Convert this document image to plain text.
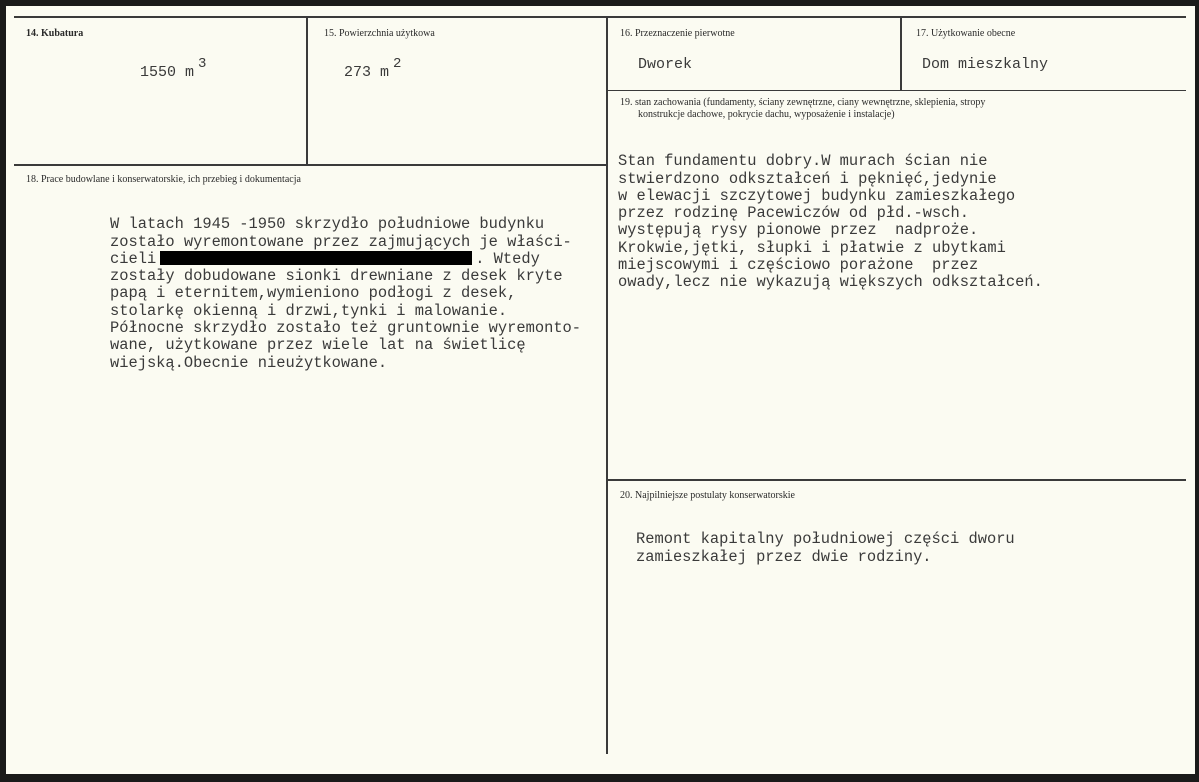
14. Kubatura
1550 m $^3$
15. Powierzchnia użytkowa
273 m $^2$
16. Przeznaczenie pierwotne
Dworek
17. Użytkowanie obecne
Dom mieszkalny
18. Prace budowlane i konserwatorskie, ich przebieg i dokumentacja

W latach 1945 -1950 skrzydło południowe budynku
zostało wyremontowane przez zajmujących je właści-
cieli	. Wtedy
zostały dobudowane sionki drewniane z desek kryte
papą i eternitem,wymieniono podłogi z desek,
stolarkę okienną i drzwi,tynki i malowanie.
Północne skrzydło zostało też gruntownie wyremonto-
wane, użytkowane przez wiele lat na świetlicę
wiejską.Obecnie nieużytkowane.
19. stan zachowania (fundamenty, ściany zewnętrzne, ciany wewnętrzne, sklepienia, stropy
konstrukcje dachowe, pokrycie dachu, wyposażenie i instalacje)

Stan fundamentu dobry.W murach ścian nie
stwierdzono odkształceń i pęknięć,jedynie
w elewacji szczytowej budynku zamieszkałego
przez rodzinę Pacewiczów od płd.-wsch.
występują rysy pionowe przez  nadproże.
Krokwie,jętki, słupki i płatwie z ubytkami
miejscowymi i częściowo porażone  przez
owady,lecz nie wykazują większych odkształceń.
20. Najpilniejsze postulaty konserwatorskie

Remont kapitalny południowej części dworu
zamieszkałej przez dwie rodziny.
